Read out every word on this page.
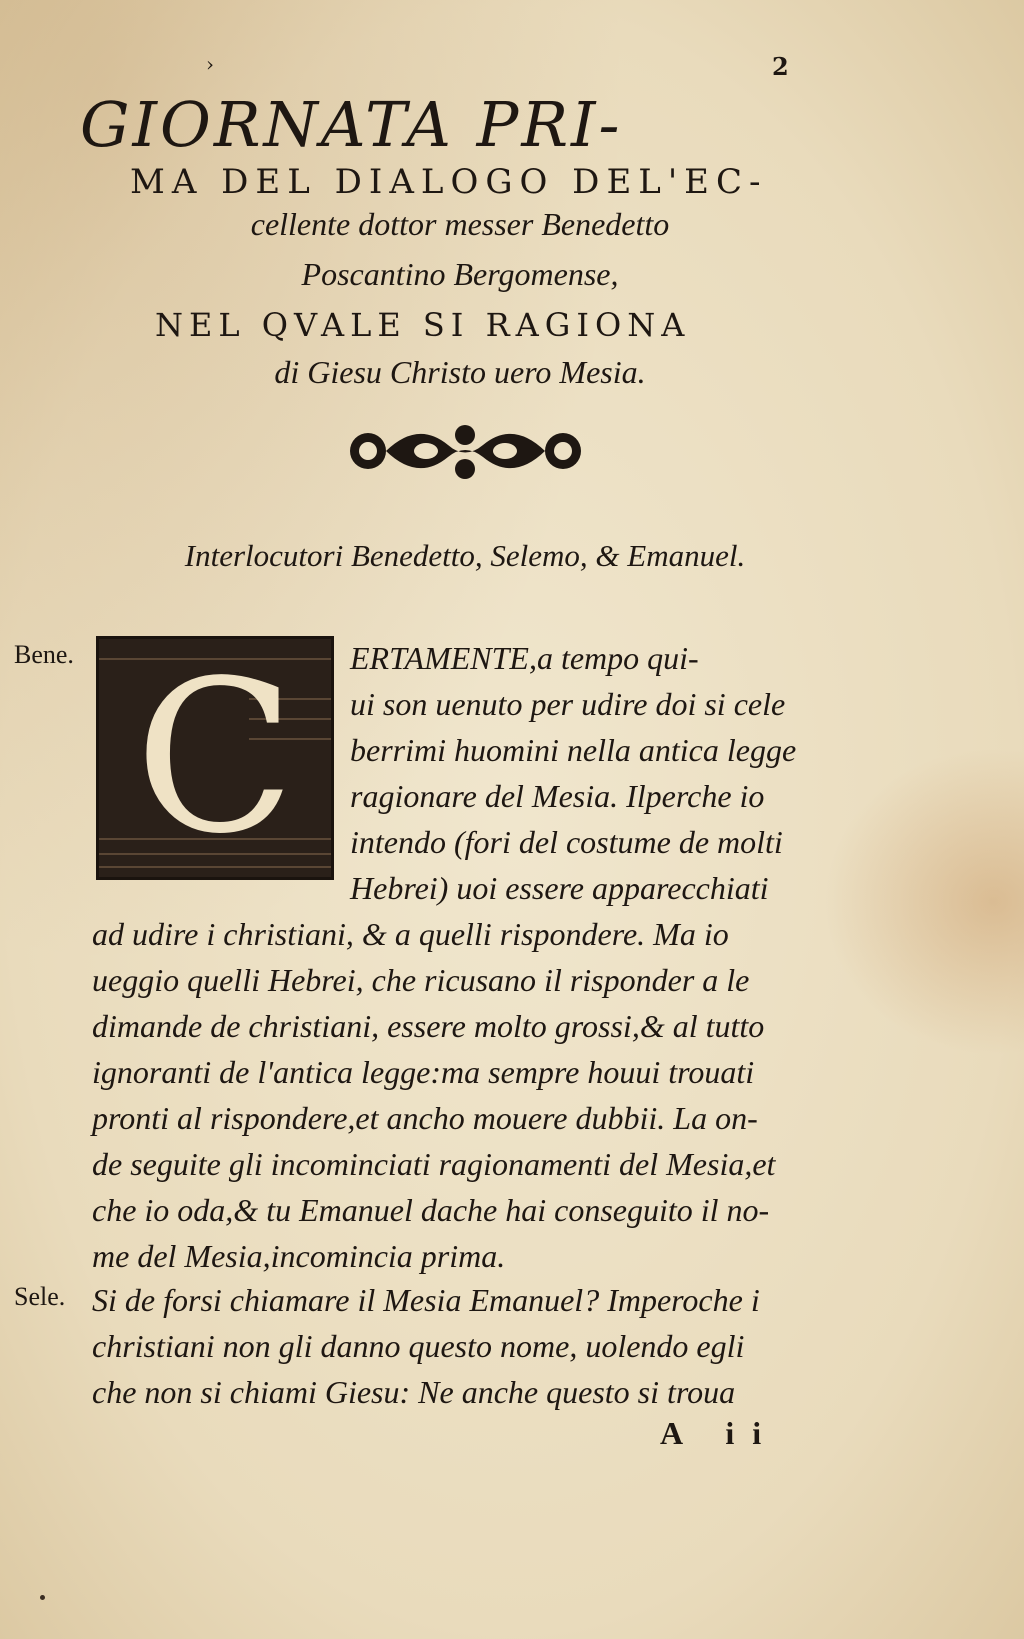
›	2
GIORNATA PRI-
MA DEL DIALOGO DEL'EC-
cellente dottor messer Benedetto
Poscantino Bergomense,
NEL QVALE SI RAGIONA
di Giesu Christo uero Mesia.
Interlocutori Benedetto, Selemo, & Emanuel.
Bene. C	ERTAMENTE,a tempo qui-
ui son uenuto per udire doi si cele
berrimi huomini nella antica legge
ragionare del Mesia. Ilperche io
intendo (fori del costume de molti
Hebrei) uoi essere apparecchiati
ad udire i christiani, & a quelli rispondere. Ma io
ueggio quelli Hebrei, che ricusano il risponder a le
dimande de christiani, essere molto grossi,& al tutto
ignoranti de l'antica legge:ma sempre houui trouati
pronti al rispondere,et ancho mouere dubbii. La on-
de seguite gli incominciati ragionamenti del Mesia,et
che io oda,& tu Emanuel dache hai conseguito il no-
me del Mesia,incomincia prima.
Sele. Si de forsi chiamare il Mesia Emanuel? Imperoche i
christiani non gli danno questo nome, uolendo egli
che non si chiami Giesu: Ne anche questo si troua
A ii
